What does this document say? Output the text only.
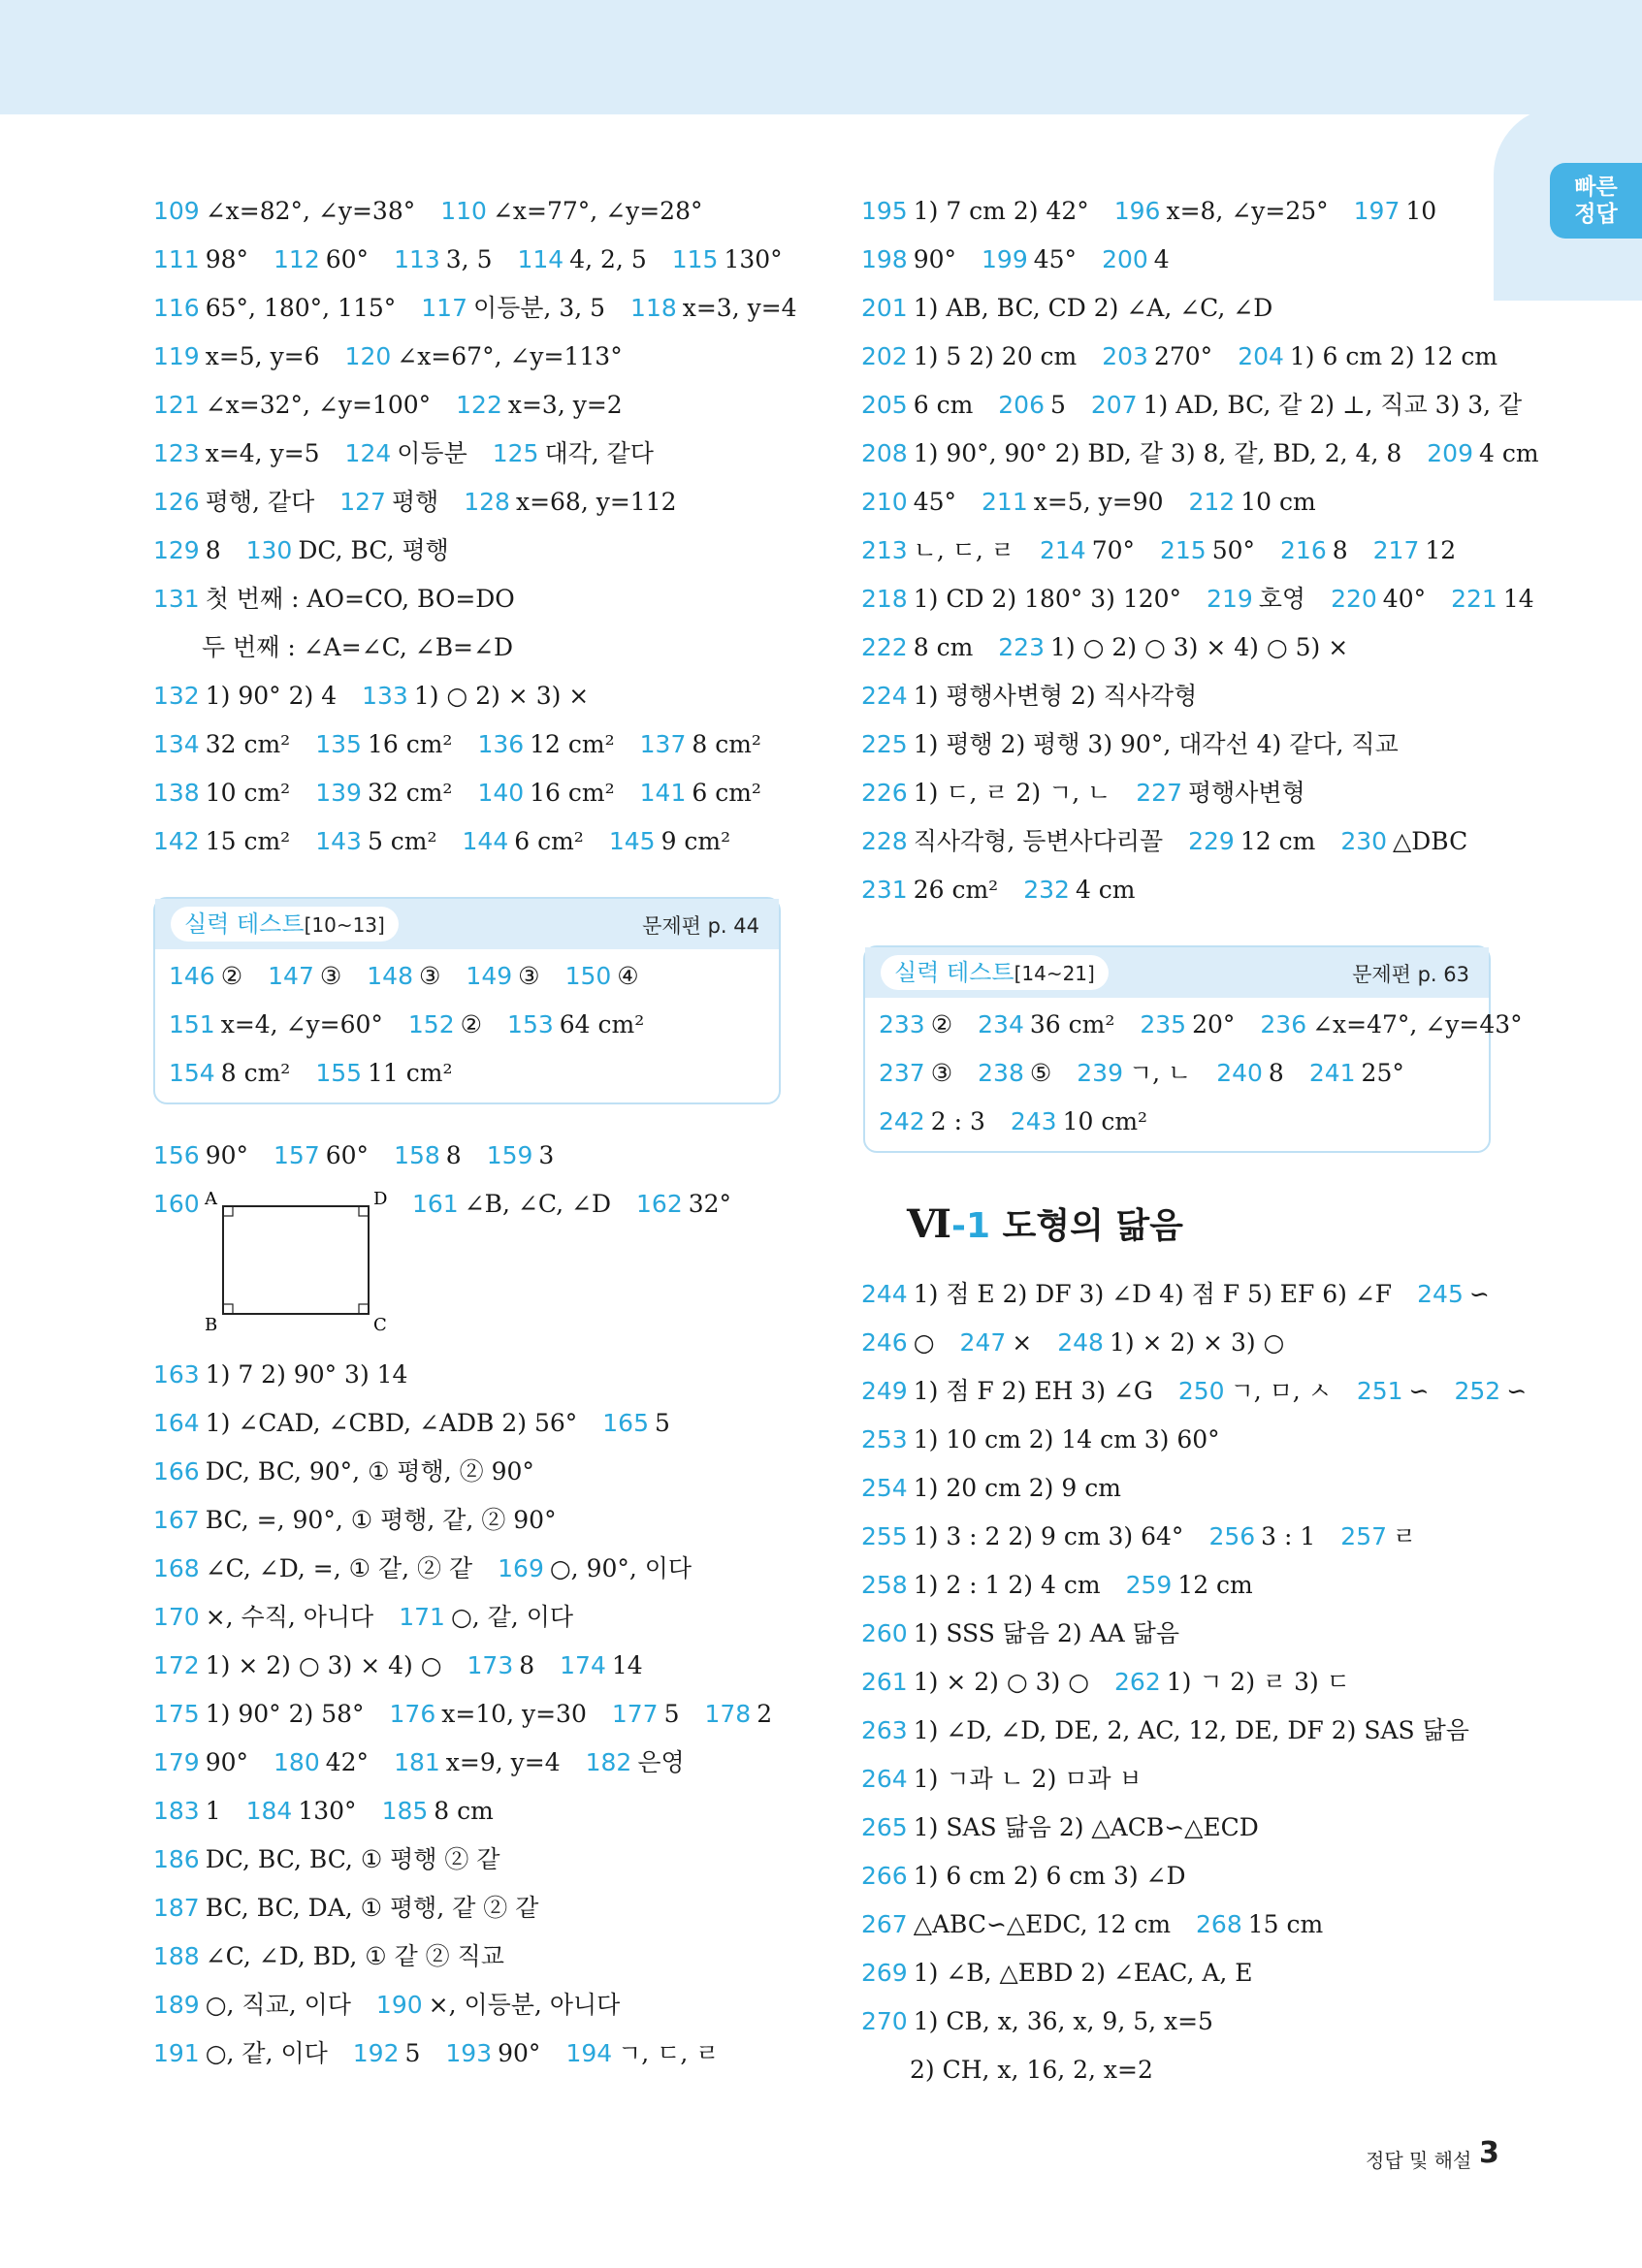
빠른
정답
109 ∠x=82°, ∠y=38° 110 ∠x=77°, ∠y=28°
111 98° 112 60° 113 3, 5 114 4, 2, 5 115 130°
116 65°, 180°, 115° 117 이등분, 3, 5 118 x=3, y=4
119 x=5, y=6 120 ∠x=67°, ∠y=113°
121 ∠x=32°, ∠y=100° 122 x=3, y=2
123 x=4, y=5 124 이등분 125 대각, 같다
126 평행, 같다 127 평행 128 x=68, y=112
129 8 130 DC, BC, 평행
131 첫 번째 : AO=CO, BO=DO
두 번째 : ∠A=∠C, ∠B=∠D
132 1) 90° 2) 4 133 1) ○ 2) × 3) ×
134 32 cm² 135 16 cm² 136 12 cm² 137 8 cm²
138 10 cm² 139 32 cm² 140 16 cm² 141 6 cm²
142 15 cm² 143 5 cm² 144 6 cm² 145 9 cm²
실력 테스트[10~13]	문제편 p. 44
146 ② 147 ③ 148 ③ 149 ③ 150 ④
151 x=4, ∠y=60° 152 ② 153 64 cm²
154 8 cm² 155 11 cm²
156 90° 157 60° 158 8 159 3
163 1) 7 2) 90° 3) 14
164 1) ∠CAD, ∠CBD, ∠ADB 2) 56° 165 5
166 DC, BC, 90°, ① 평행, ② 90°
167 BC, =, 90°, ① 평행, 같, ② 90°
168 ∠C, ∠D, =, ① 같, ② 같 169 ○, 90°, 이다
170 ×, 수직, 아니다 171 ○, 같, 이다
172 1) × 2) ○ 3) × 4) ○ 173 8 174 14
175 1) 90° 2) 58° 176 x=10, y=30 177 5 178 2
179 90° 180 42° 181 x=9, y=4 182 은영
183 1 184 130° 185 8 cm
186 DC, BC, BC, ① 평행 ② 같
187 BC, BC, DA, ① 평행, 같 ② 같
188 ∠C, ∠D, BD, ① 같 ② 직교
189 ○, 직교, 이다 190 ×, 이등분, 아니다
191 ○, 같, 이다 192 5 193 90° 194 ㄱ, ㄷ, ㄹ
160 A	D
B	C
161 ∠B, ∠C, ∠D 162 32°
195 1) 7 cm 2) 42° 196 x=8, ∠y=25° 197 10
198 90° 199 45° 200 4
201 1) AB, BC, CD 2) ∠A, ∠C, ∠D
202 1) 5 2) 20 cm 203 270° 204 1) 6 cm 2) 12 cm
205 6 cm 206 5 207 1) AD, BC, 같 2) ⊥, 직교 3) 3, 같
208 1) 90°, 90° 2) BD, 같 3) 8, 같, BD, 2, 4, 8 209 4 cm
210 45° 211 x=5, y=90 212 10 cm
213 ㄴ, ㄷ, ㄹ 214 70° 215 50° 216 8 217 12
218 1) CD 2) 180° 3) 120° 219 호영 220 40° 221 14
222 8 cm 223 1) ○ 2) ○ 3) × 4) ○ 5) ×
224 1) 평행사변형 2) 직사각형
225 1) 평행 2) 평행 3) 90°, 대각선 4) 같다, 직교
226 1) ㄷ, ㄹ 2) ㄱ, ㄴ 227 평행사변형
228 직사각형, 등변사다리꼴 229 12 cm 230 △DBC
231 26 cm² 232 4 cm
실력 테스트[14~21]	문제편 p. 63
233 ② 234 36 cm² 235 20° 236 ∠x=47°, ∠y=43°
237 ③ 238 ⑤ 239 ㄱ, ㄴ 240 8 241 25°
242 2 : 3 243 10 cm²
Ⅵ-1 도형의 닮음
244 1) 점 E 2) DF 3) ∠D 4) 점 F 5) EF 6) ∠F 245 ∽
246 ○ 247 × 248 1) × 2) × 3) ○
249 1) 점 F 2) EH 3) ∠G 250 ㄱ, ㅁ, ㅅ 251 ∽ 252 ∽
253 1) 10 cm 2) 14 cm 3) 60°
254 1) 20 cm 2) 9 cm
255 1) 3 : 2 2) 9 cm 3) 64° 256 3 : 1 257 ㄹ
258 1) 2 : 1 2) 4 cm 259 12 cm
260 1) SSS 닮음 2) AA 닮음
261 1) × 2) ○ 3) ○ 262 1) ㄱ 2) ㄹ 3) ㄷ
263 1) ∠D, ∠D, DE, 2, AC, 12, DE, DF 2) SAS 닮음
264 1) ㄱ과 ㄴ 2) ㅁ과 ㅂ
265 1) SAS 닮음 2) △ACB∽△ECD
266 1) 6 cm 2) 6 cm 3) ∠D
267 △ABC∽△EDC, 12 cm 268 15 cm
269 1) ∠B, △EBD 2) ∠EAC, A, E
270 1) CB, x, 36, x, 9, 5, x=5
2) CH, x, 16, 2, x=2
정답 및 해설 3
